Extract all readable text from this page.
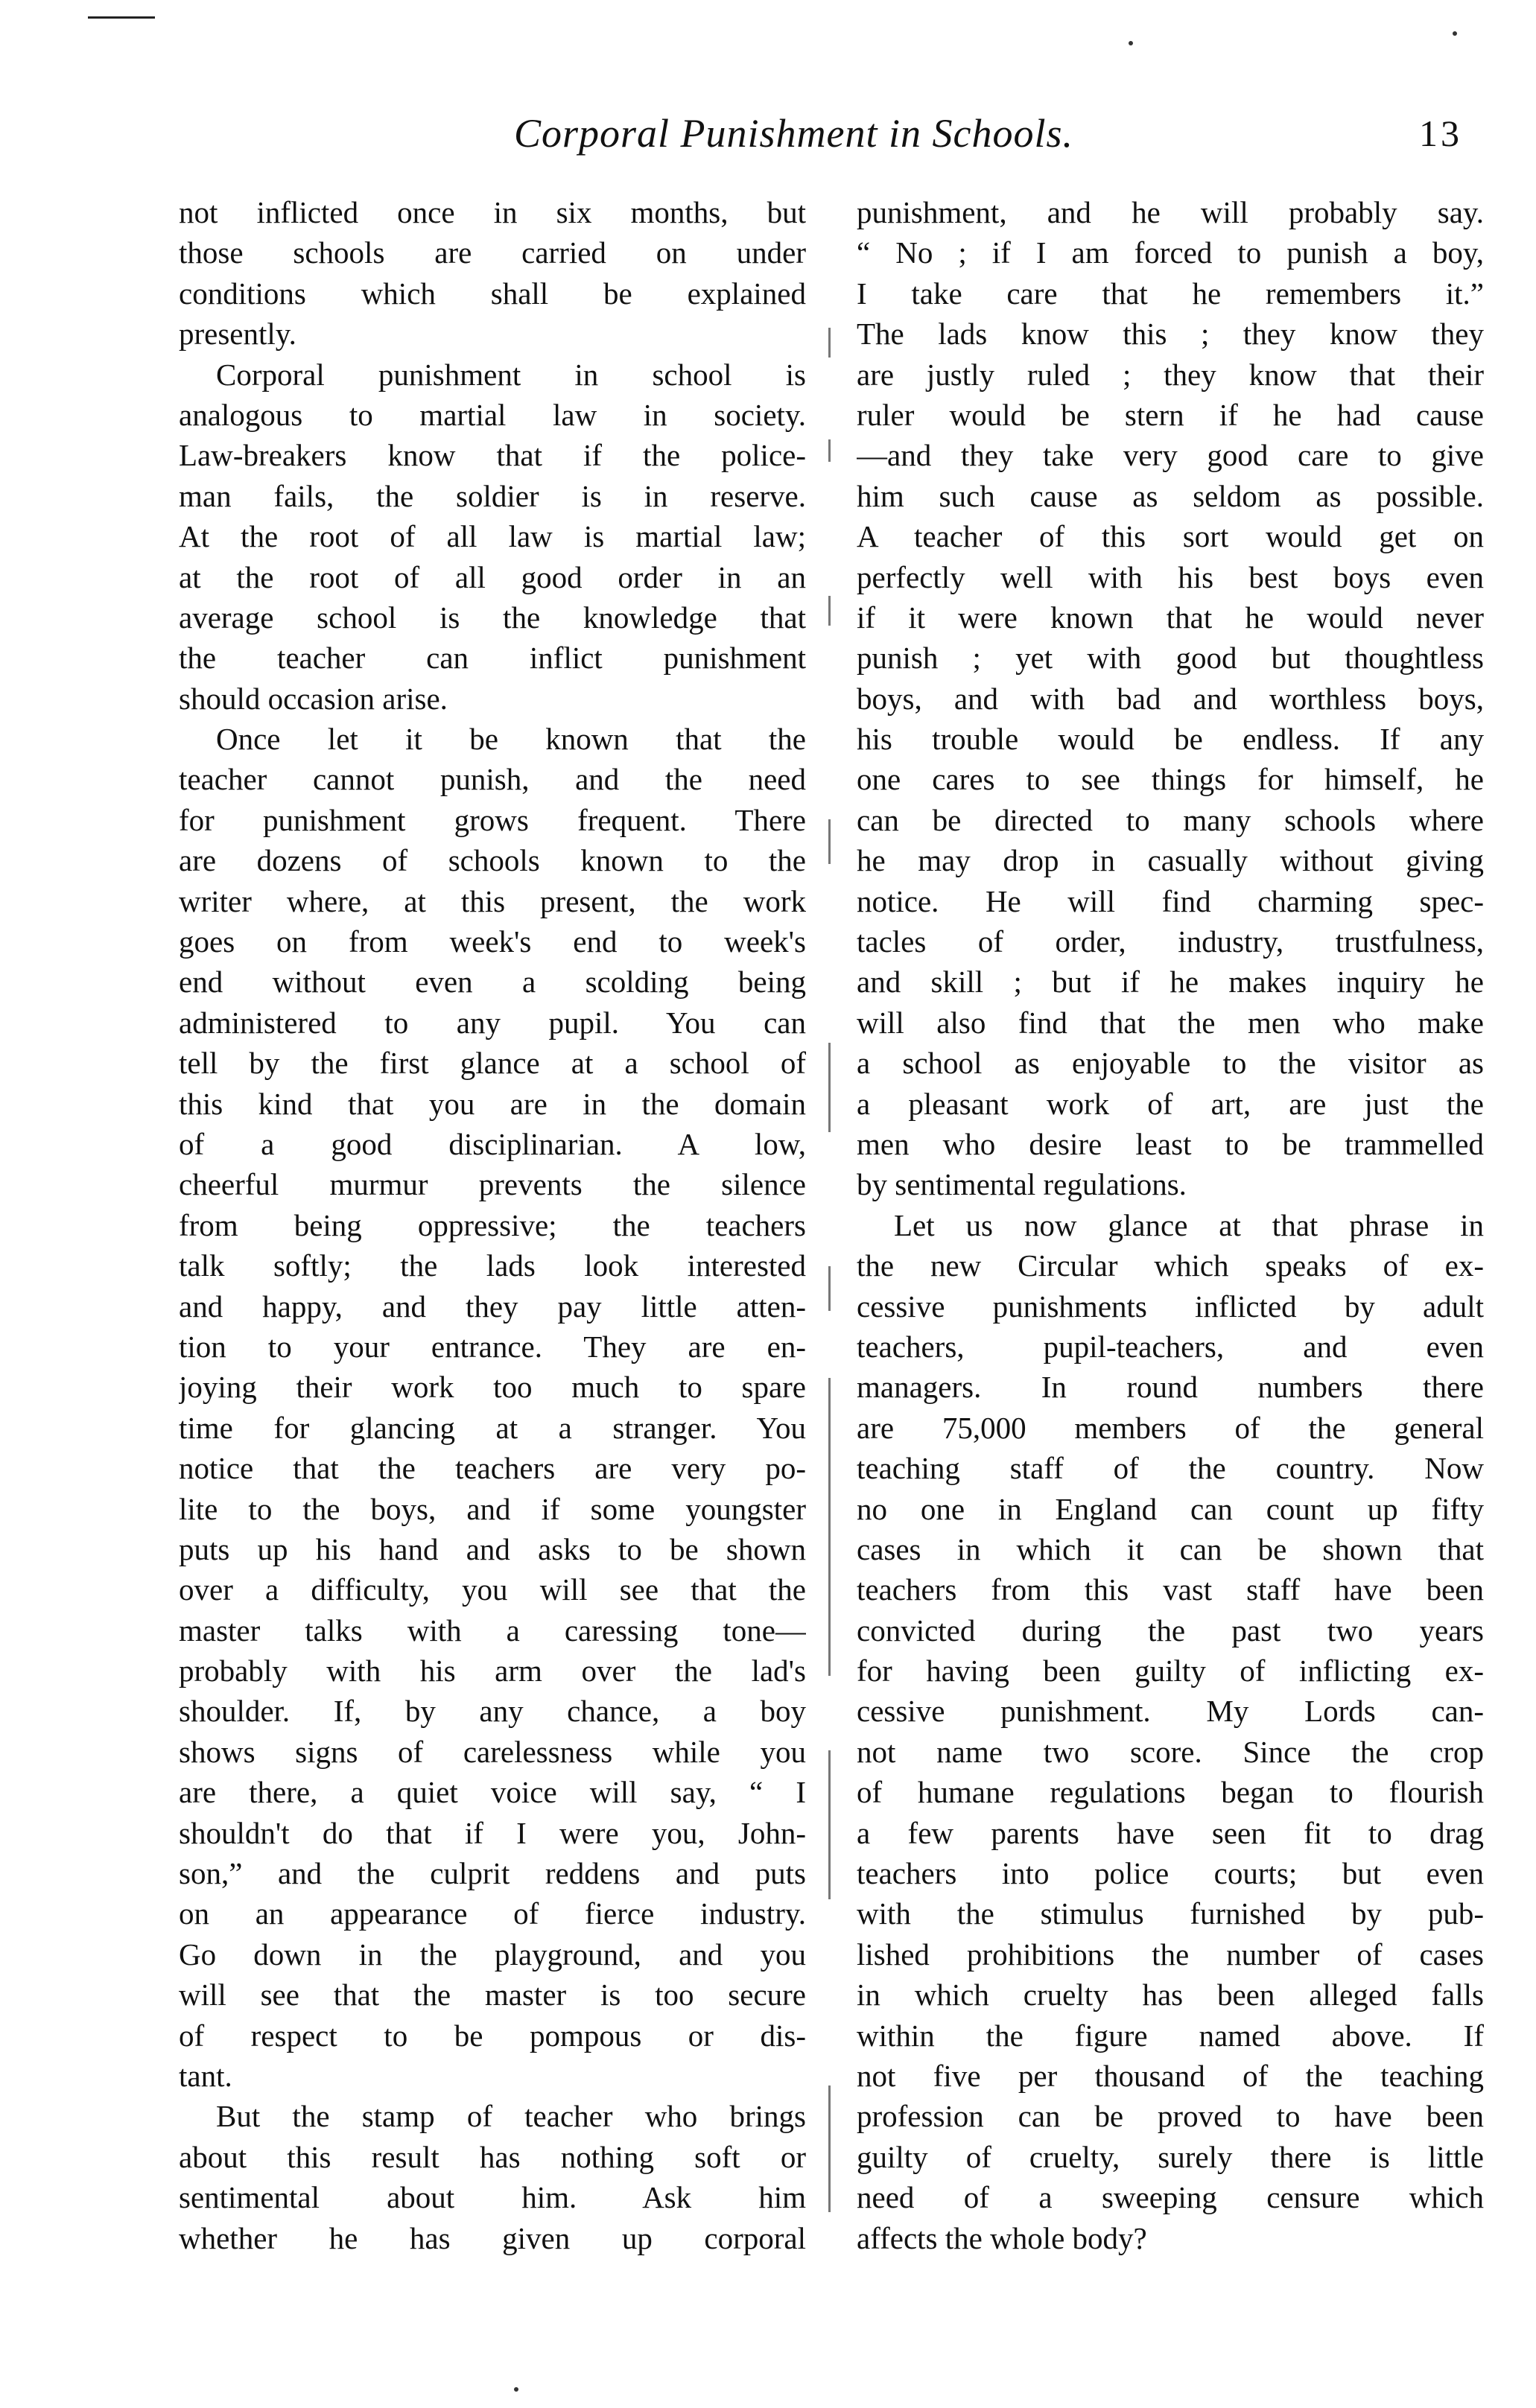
Corporal Punishment in Schools.	13
not inflicted once in six months, but
those schools are carried on under
conditions which shall be explained
presently.
Corporal punishment in school is
analogous to martial law in society.
Law-breakers know that if the police-
man fails, the soldier is in reserve.
At the root of all law is martial law;
at the root of all good order in an
average school is the knowledge that
the teacher can inflict punishment
should occasion arise.
Once let it be known that the
teacher cannot punish, and the need
for punishment grows frequent. There
are dozens of schools known to the
writer where, at this present, the work
goes on from week's end to week's
end without even a scolding being
administered to any pupil. You can
tell by the first glance at a school of
this kind that you are in the domain
of a good disciplinarian. A low,
cheerful murmur prevents the silence
from being oppressive; the teachers
talk softly; the lads look interested
and happy, and they pay little atten-
tion to your entrance. They are en-
joying their work too much to spare
time for glancing at a stranger. You
notice that the teachers are very po-
lite to the boys, and if some youngster
puts up his hand and asks to be shown
over a difficulty, you will see that the
master talks with a caressing tone—
probably with his arm over the lad's
shoulder. If, by any chance, a boy
shows signs of carelessness while you
are there, a quiet voice will say, “ I
shouldn't do that if I were you, John-
son,” and the culprit reddens and puts
on an appearance of fierce industry.
Go down in the playground, and you
will see that the master is too secure
of respect to be pompous or dis-
tant.
But the stamp of teacher who brings
about this result has nothing soft or
sentimental about him. Ask him
whether he has given up corporal
punishment, and he will probably say.
“ No ; if I am forced to punish a boy,
I take care that he remembers it.”
The lads know this ; they know they
are justly ruled ; they know that their
ruler would be stern if he had cause
—and they take very good care to give
him such cause as seldom as possible.
A teacher of this sort would get on
perfectly well with his best boys even
if it were known that he would never
punish ; yet with good but thoughtless
boys, and with bad and worthless boys,
his trouble would be endless. If any
one cares to see things for himself, he
can be directed to many schools where
he may drop in casually without giving
notice. He will find charming spec-
tacles of order, industry, trustfulness,
and skill ; but if he makes inquiry he
will also find that the men who make
a school as enjoyable to the visitor as
a pleasant work of art, are just the
men who desire least to be trammelled
by sentimental regulations.
Let us now glance at that phrase in
the new Circular which speaks of ex-
cessive punishments inflicted by adult
teachers, pupil-teachers, and even
managers. In round numbers there
are 75,000 members of the general
teaching staff of the country. Now
no one in England can count up fifty
cases in which it can be shown that
teachers from this vast staff have been
convicted during the past two years
for having been guilty of inflicting ex-
cessive punishment. My Lords can-
not name two score. Since the crop
of humane regulations began to flourish
a few parents have seen fit to drag
teachers into police courts; but even
with the stimulus furnished by pub-
lished prohibitions the number of cases
in which cruelty has been alleged falls
within the figure named above. If
not five per thousand of the teaching
profession can be proved to have been
guilty of cruelty, surely there is little
need of a sweeping censure which
affects the whole body?
